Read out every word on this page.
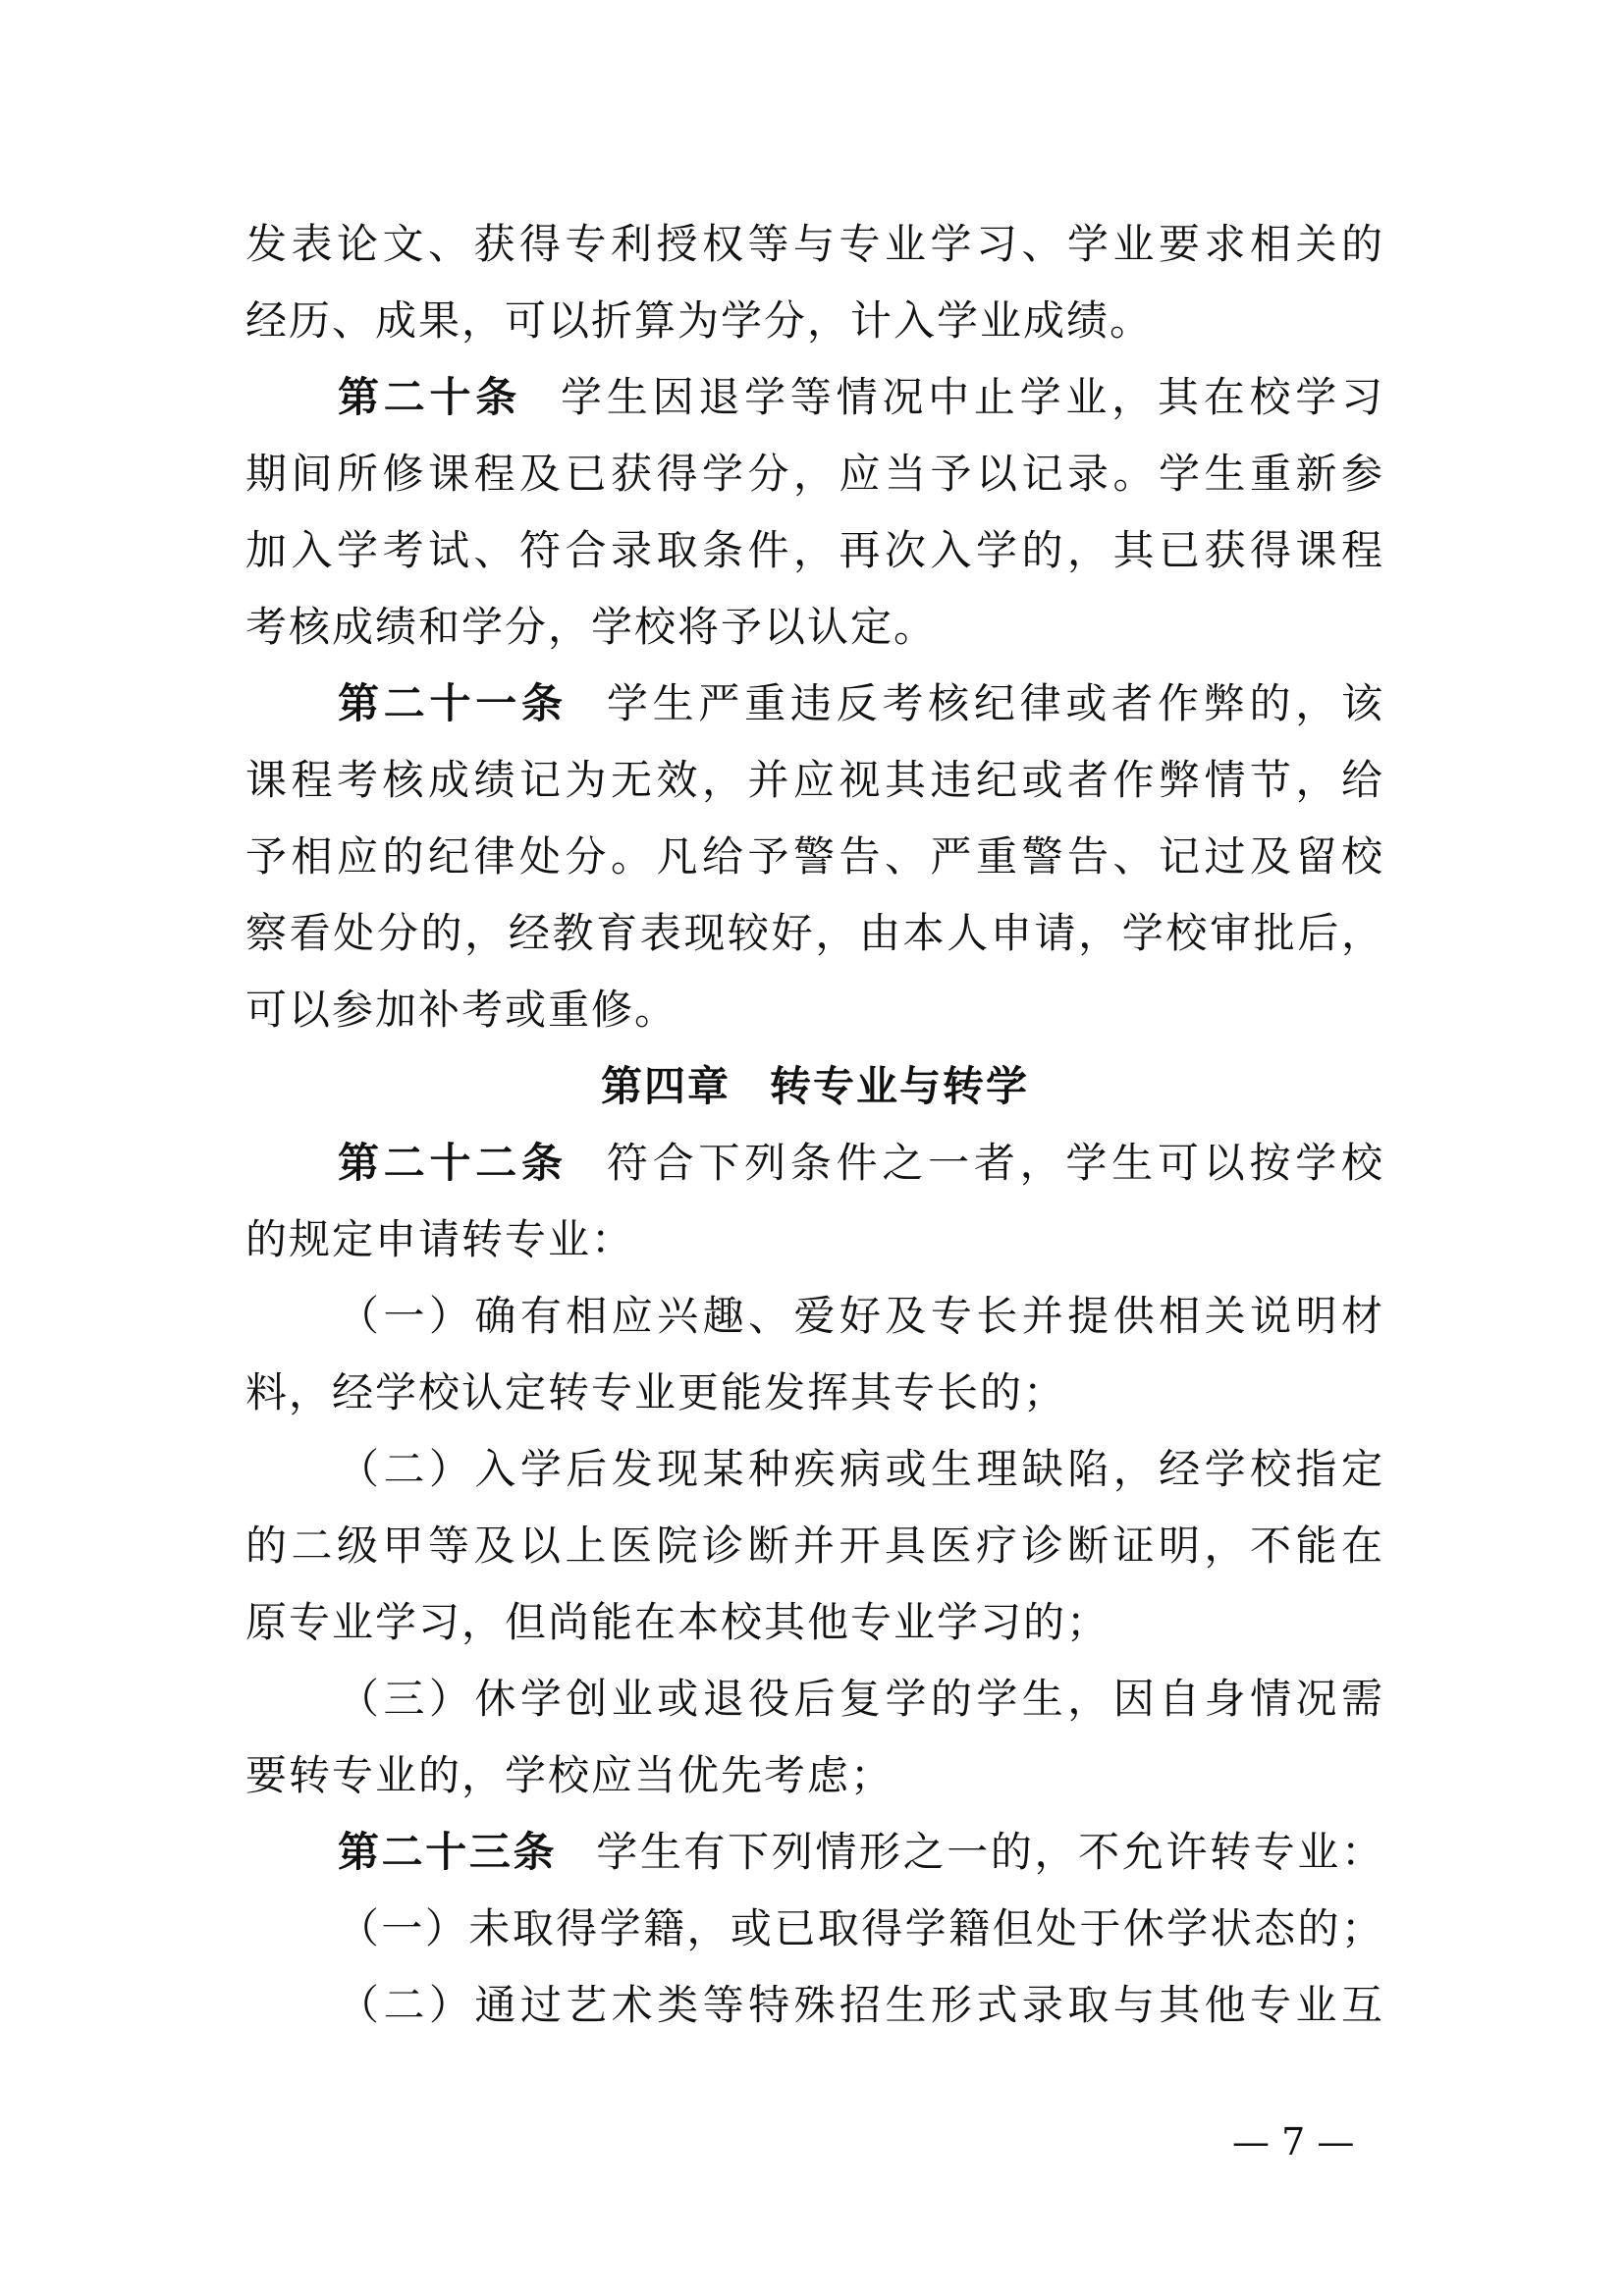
发表论文、获得专利授权等与专业学习、学业要求相关的
经历、成果，可以折算为学分，计入学业成绩。
第二十条 学生因退学等情况中止学业，其在校学习
期间所修课程及已获得学分，应当予以记录。学生重新参
加入学考试、符合录取条件，再次入学的，其已获得课程
考核成绩和学分，学校将予以认定。
第二十一条 学生严重违反考核纪律或者作弊的，该
课程考核成绩记为无效，并应视其违纪或者作弊情节，给
予相应的纪律处分。凡给予警告、严重警告、记过及留校
察看处分的，经教育表现较好，由本人申请，学校审批后，
可以参加补考或重修。
第四章 转专业与转学
第二十二条 符合下列条件之一者，学生可以按学校
的规定申请转专业：
（一）确有相应兴趣、爱好及专长并提供相关说明材
料，经学校认定转专业更能发挥其专长的；
（二）入学后发现某种疾病或生理缺陷，经学校指定
的二级甲等及以上医院诊断并开具医疗诊断证明，不能在
原专业学习，但尚能在本校其他专业学习的；
（三）休学创业或退役后复学的学生，因自身情况需
要转专业的，学校应当优先考虑；
第二十三条 学生有下列情形之一的，不允许转专业：
（一）未取得学籍，或已取得学籍但处于休学状态的；
（二）通过艺术类等特殊招生形式录取与其他专业互
— 7 —
